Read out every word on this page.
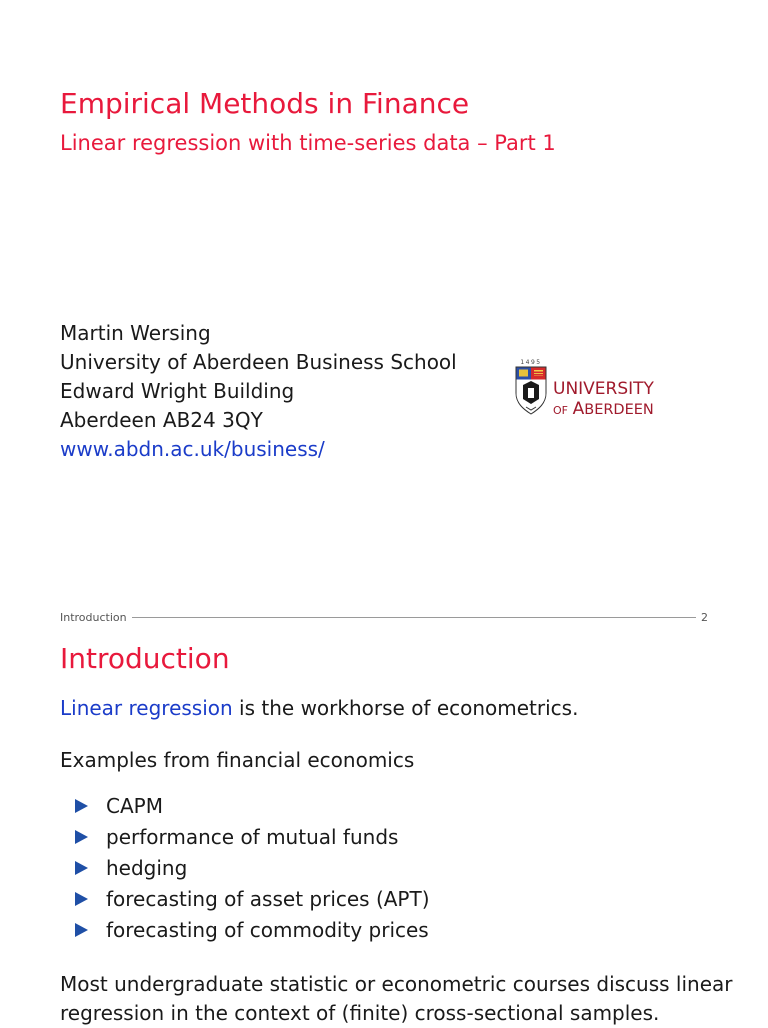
Empirical Methods in Finance
Linear regression with time-series data – Part 1
Martin Wersing
University of Aberdeen Business School
Edward Wright Building
Aberdeen AB24 3QY
www.abdn.ac.uk/business/
1495
UNIVERSITY
OF ABERDEEN
Introduction	2
Introduction
Linear regression is the workhorse of econometrics.
Examples from financial economics
CAPM
performance of mutual funds
hedging
forecasting of asset prices (APT)
forecasting of commodity prices
Most undergraduate statistic or econometric courses discuss linear regression in the context of (finite) cross-sectional samples.
